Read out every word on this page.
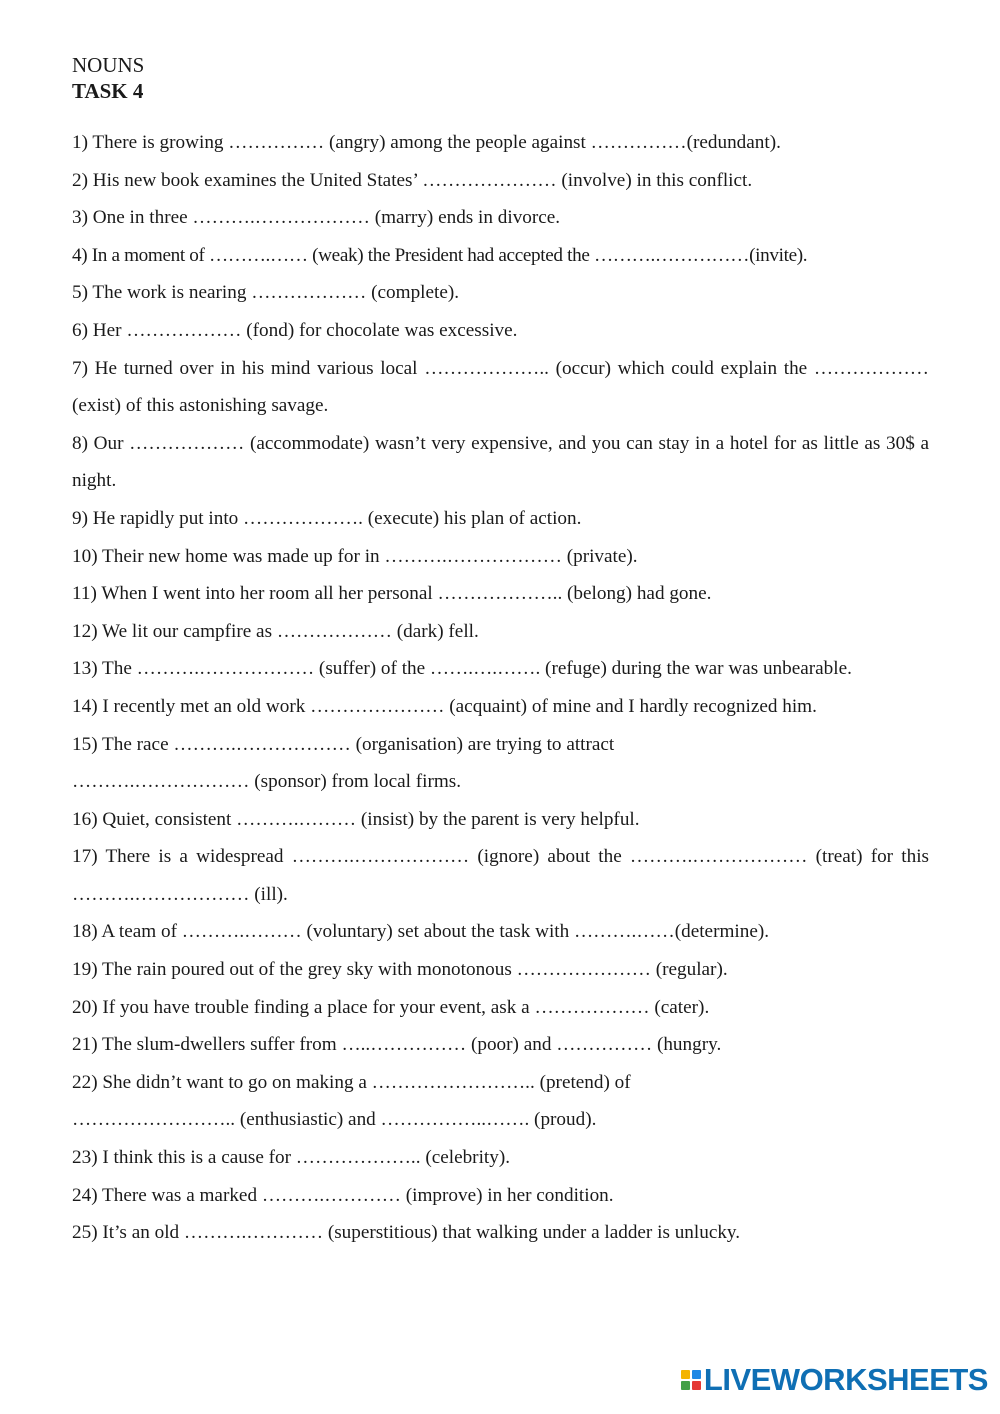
NOUNS
TASK 4

1) There is growing …………… (angry) among the people against ……………(redundant).

2) His new book examines the United States’ ………………… (involve) in this conflict.

3) One in three ……….……………… (marry) ends in divorce.

4) In a moment of ……….…… (weak) the President had accepted the ……….……………(invite).

5) The work is nearing ……………… (complete).

6) Her ……………… (fond) for chocolate was excessive.

7) He turned over in his mind various local ……………….. (occur) which could explain the ……………… (exist) of this astonishing savage.

8) Our ……………… (accommodate) wasn’t very expensive, and you can stay in a hotel for as little as 30$ a night.

9) He rapidly put into ………………. (execute) his plan of action.

10) Their new home was made up for in ……….……………… (private).

11) When I went into her room all her personal ……………….. (belong) had gone.

12) We lit our campfire as ……………… (dark) fell.

13) The ……….……………… (suffer) of the …….….……. (refuge) during the war was unbearable.

14) I recently met an old work ………………… (acquaint) of mine and I hardly recognized him.

15) The race ……….……………… (organisation) are trying to attract ……….……………… (sponsor) from local firms.

16) Quiet, consistent ……….……… (insist) by the parent is very helpful.

17) There is a widespread ……….……………… (ignore) about the ……….……………… (treat) for this ……….……………… (ill).

18) A team of ……….……… (voluntary) set about the task with ……….……(determine).

19) The rain poured out of the grey sky with monotonous ………………… (regular).

20) If you have trouble finding a place for your event, ask a ……………… (cater).

21) The slum-dwellers suffer from …..…………… (poor) and …………… (hungry.

22) She didn’t want to go on making a …………………….. (pretend) of …………………….. (enthusiastic) and ……………..……. (proud).

23) I think this is a cause for ……………….. (celebrity).

24) There was a marked ……….………… (improve) in her condition.

25) It’s an old ……….………… (superstitious) that walking under a ladder is unlucky.

LIVEWORKSHEETS
